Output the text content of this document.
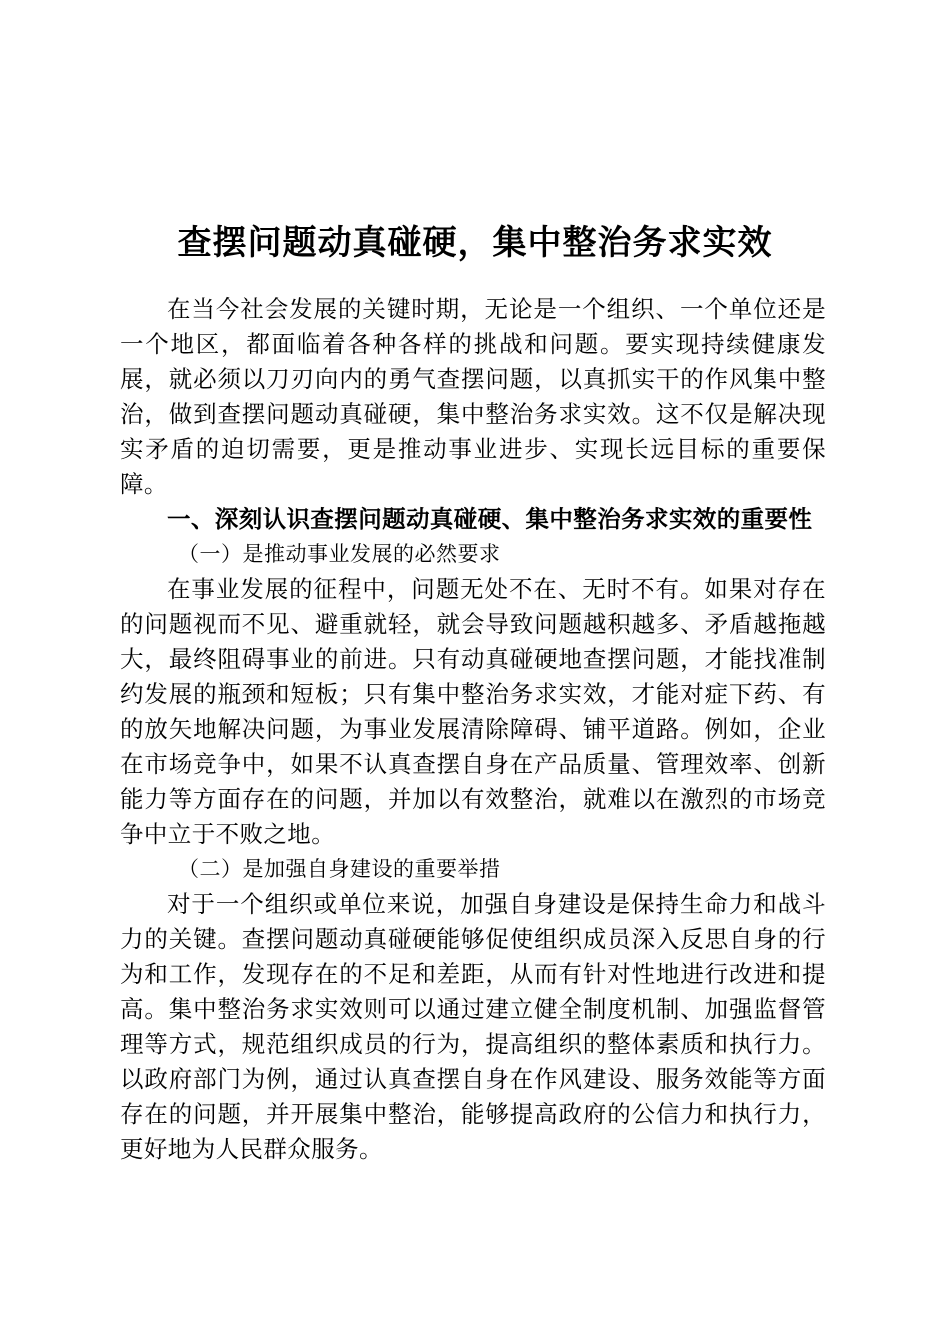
查摆问题动真碰硬，集中整治务求实效

在当今社会发展的关键时期，无论是一个组织、一个单位还是一个地区，都面临着各种各样的挑战和问题。要实现持续健康发展，就必须以刀刃向内的勇气查摆问题，以真抓实干的作风集中整治，做到查摆问题动真碰硬，集中整治务求实效。这不仅是解决现实矛盾的迫切需要，更是推动事业进步、实现长远目标的重要保障。

一、深刻认识查摆问题动真碰硬、集中整治务求实效的重要性

（一）是推动事业发展的必然要求

在事业发展的征程中，问题无处不在、无时不有。如果对存在的问题视而不见、避重就轻，就会导致问题越积越多、矛盾越拖越大，最终阻碍事业的前进。只有动真碰硬地查摆问题，才能找准制约发展的瓶颈和短板；只有集中整治务求实效，才能对症下药、有的放矢地解决问题，为事业发展清除障碍、铺平道路。例如，企业在市场竞争中，如果不认真查摆自身在产品质量、管理效率、创新能力等方面存在的问题，并加以有效整治，就难以在激烈的市场竞争中立于不败之地。

（二）是加强自身建设的重要举措

对于一个组织或单位来说，加强自身建设是保持生命力和战斗力的关键。查摆问题动真碰硬能够促使组织成员深入反思自身的行为和工作，发现存在的不足和差距，从而有针对性地进行改进和提高。集中整治务求实效则可以通过建立健全制度机制、加强监督管理等方式，规范组织成员的行为，提高组织的整体素质和执行力。以政府部门为例，通过认真查摆自身在作风建设、服务效能等方面存在的问题，并开展集中整治，能够提高政府的公信力和执行力，更好地为人民群众服务。
